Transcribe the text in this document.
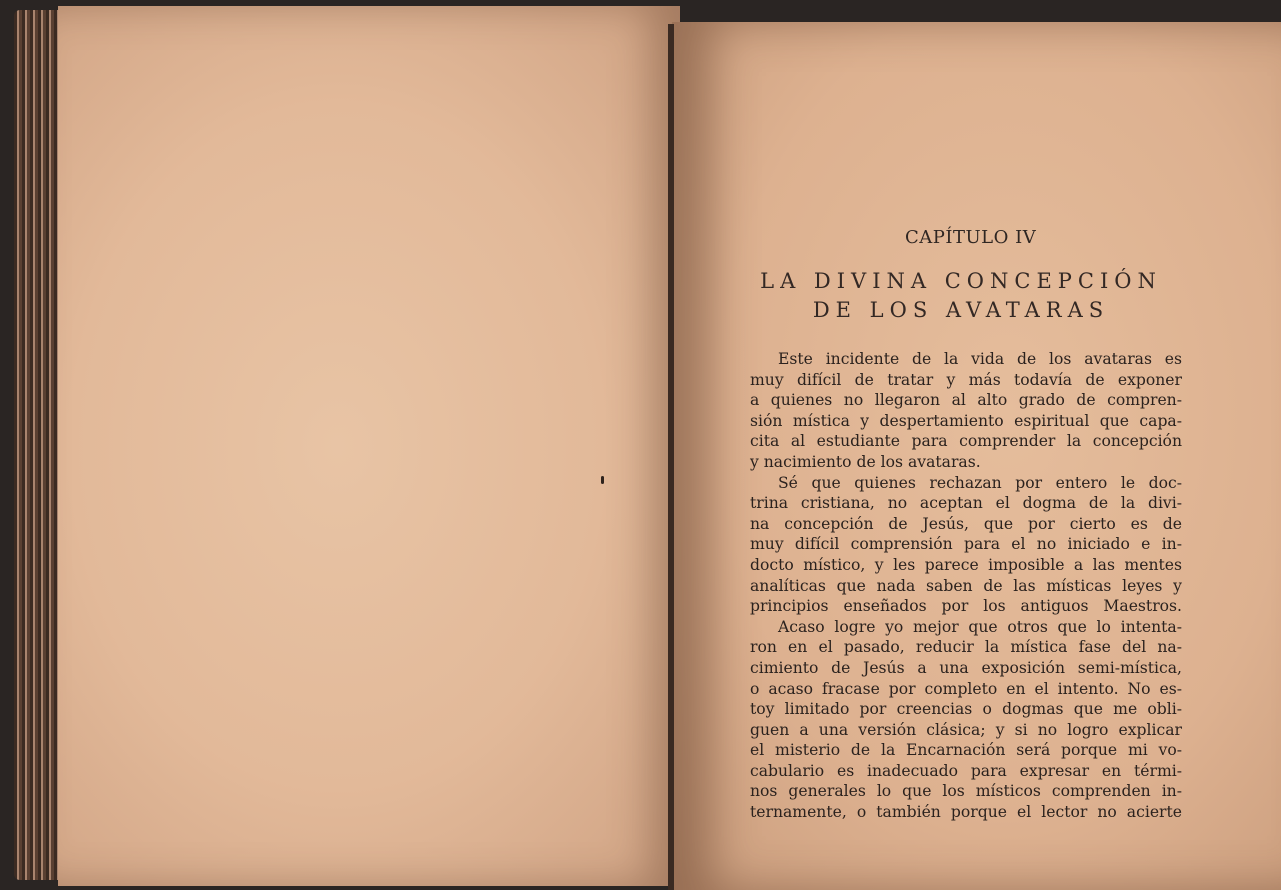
CAPÍTULO IV
LA DIVINA CONCEPCIÓN
DE LOS AVATARAS
Este incidente de la vida de los avataras es
muy difícil de tratar y más todavía de exponer
a quienes no llegaron al alto grado de compren-
sión mística y despertamiento espiritual que capa-
cita al estudiante para comprender la concepción
y nacimiento de los avataras.
Sé que quienes rechazan por entero le doc-
trina cristiana, no aceptan el dogma de la divi-
na concepción de Jesús, que por cierto es de
muy difícil comprensión para el no iniciado e in-
docto místico, y les parece imposible a las mentes
analíticas que nada saben de las místicas leyes y
principios enseñados por los antiguos Maestros.
Acaso logre yo mejor que otros que lo intenta-
ron en el pasado, reducir la mística fase del na-
cimiento de Jesús a una exposición semi-mística,
o acaso fracase por completo en el intento. No es-
toy limitado por creencias o dogmas que me obli-
guen a una versión clásica; y si no logro explicar
el misterio de la Encarnación será porque mi vo-
cabulario es inadecuado para expresar en térmi-
nos generales lo que los místicos comprenden in-
ternamente, o también porque el lector no acierte
